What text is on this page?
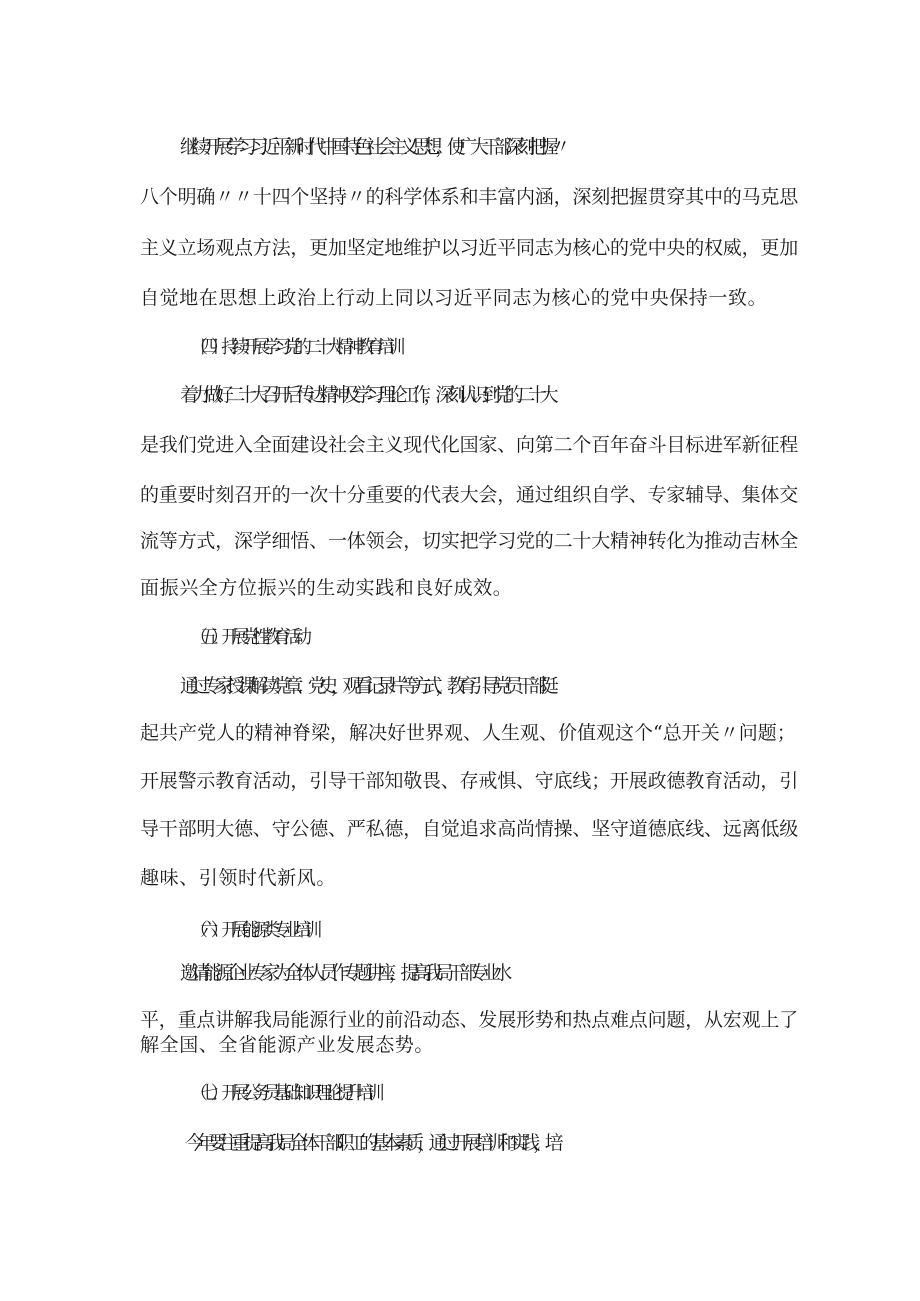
继续开展学习习近平新时代中国特色社会主义思想，使广大干部深刻把握〃
八个明确〃〃十四个坚持〃的科学体系和丰富内涵，深刻把握贯穿其中的马克思
主义立场观点方法，更加坚定地维护以习近平同志为核心的党中央的权威，更加
自觉地在思想上政治上行动上同以习近平同志为核心的党中央保持一致。
（四）持续开展学习党的二十大精神教育培训
着力做好二十大召开后传达精神及学习理论工作，深刻认识到党的二十大
是我们党进入全面建设社会主义现代化国家、向第二个百年奋斗目标进军新征程
的重要时刻召开的一次十分重要的代表大会，通过组织自学、专家辅导、集体交
流等方式，深学细悟、一体领会，切实把学习党的二十大精神转化为推动吉林全
面振兴全方位振兴的生动实践和良好成效。
（五）开展党性教育活动
通过专家授课解读党章、党史，观看记录片等方式，教育引导党员干部挺
起共产党人的精神脊梁，解决好世界观、人生观、价值观这个“总开关〃问题；
开展警示教育活动，引导干部知敬畏、存戒惧、守底线；开展政德教育活动，引
导干部明大德、守公德、严私德，自觉追求高尚情操、坚守道德底线、远离低级
趣味、引领时代新风。
（六）开展能源类专业培训
邀请能源企业专家为全体人员作专题讲座，提高我局干部专业水
平，重点讲解我局能源行业的前沿动态、发展形势和热点难点问题，从宏观上了
解全国、全省能源产业发展态势。
（七）开展公务员基础知识理论提升培训
今年要注重提高我局全体干部职工的基本素质，通过开展培训和实践，培
